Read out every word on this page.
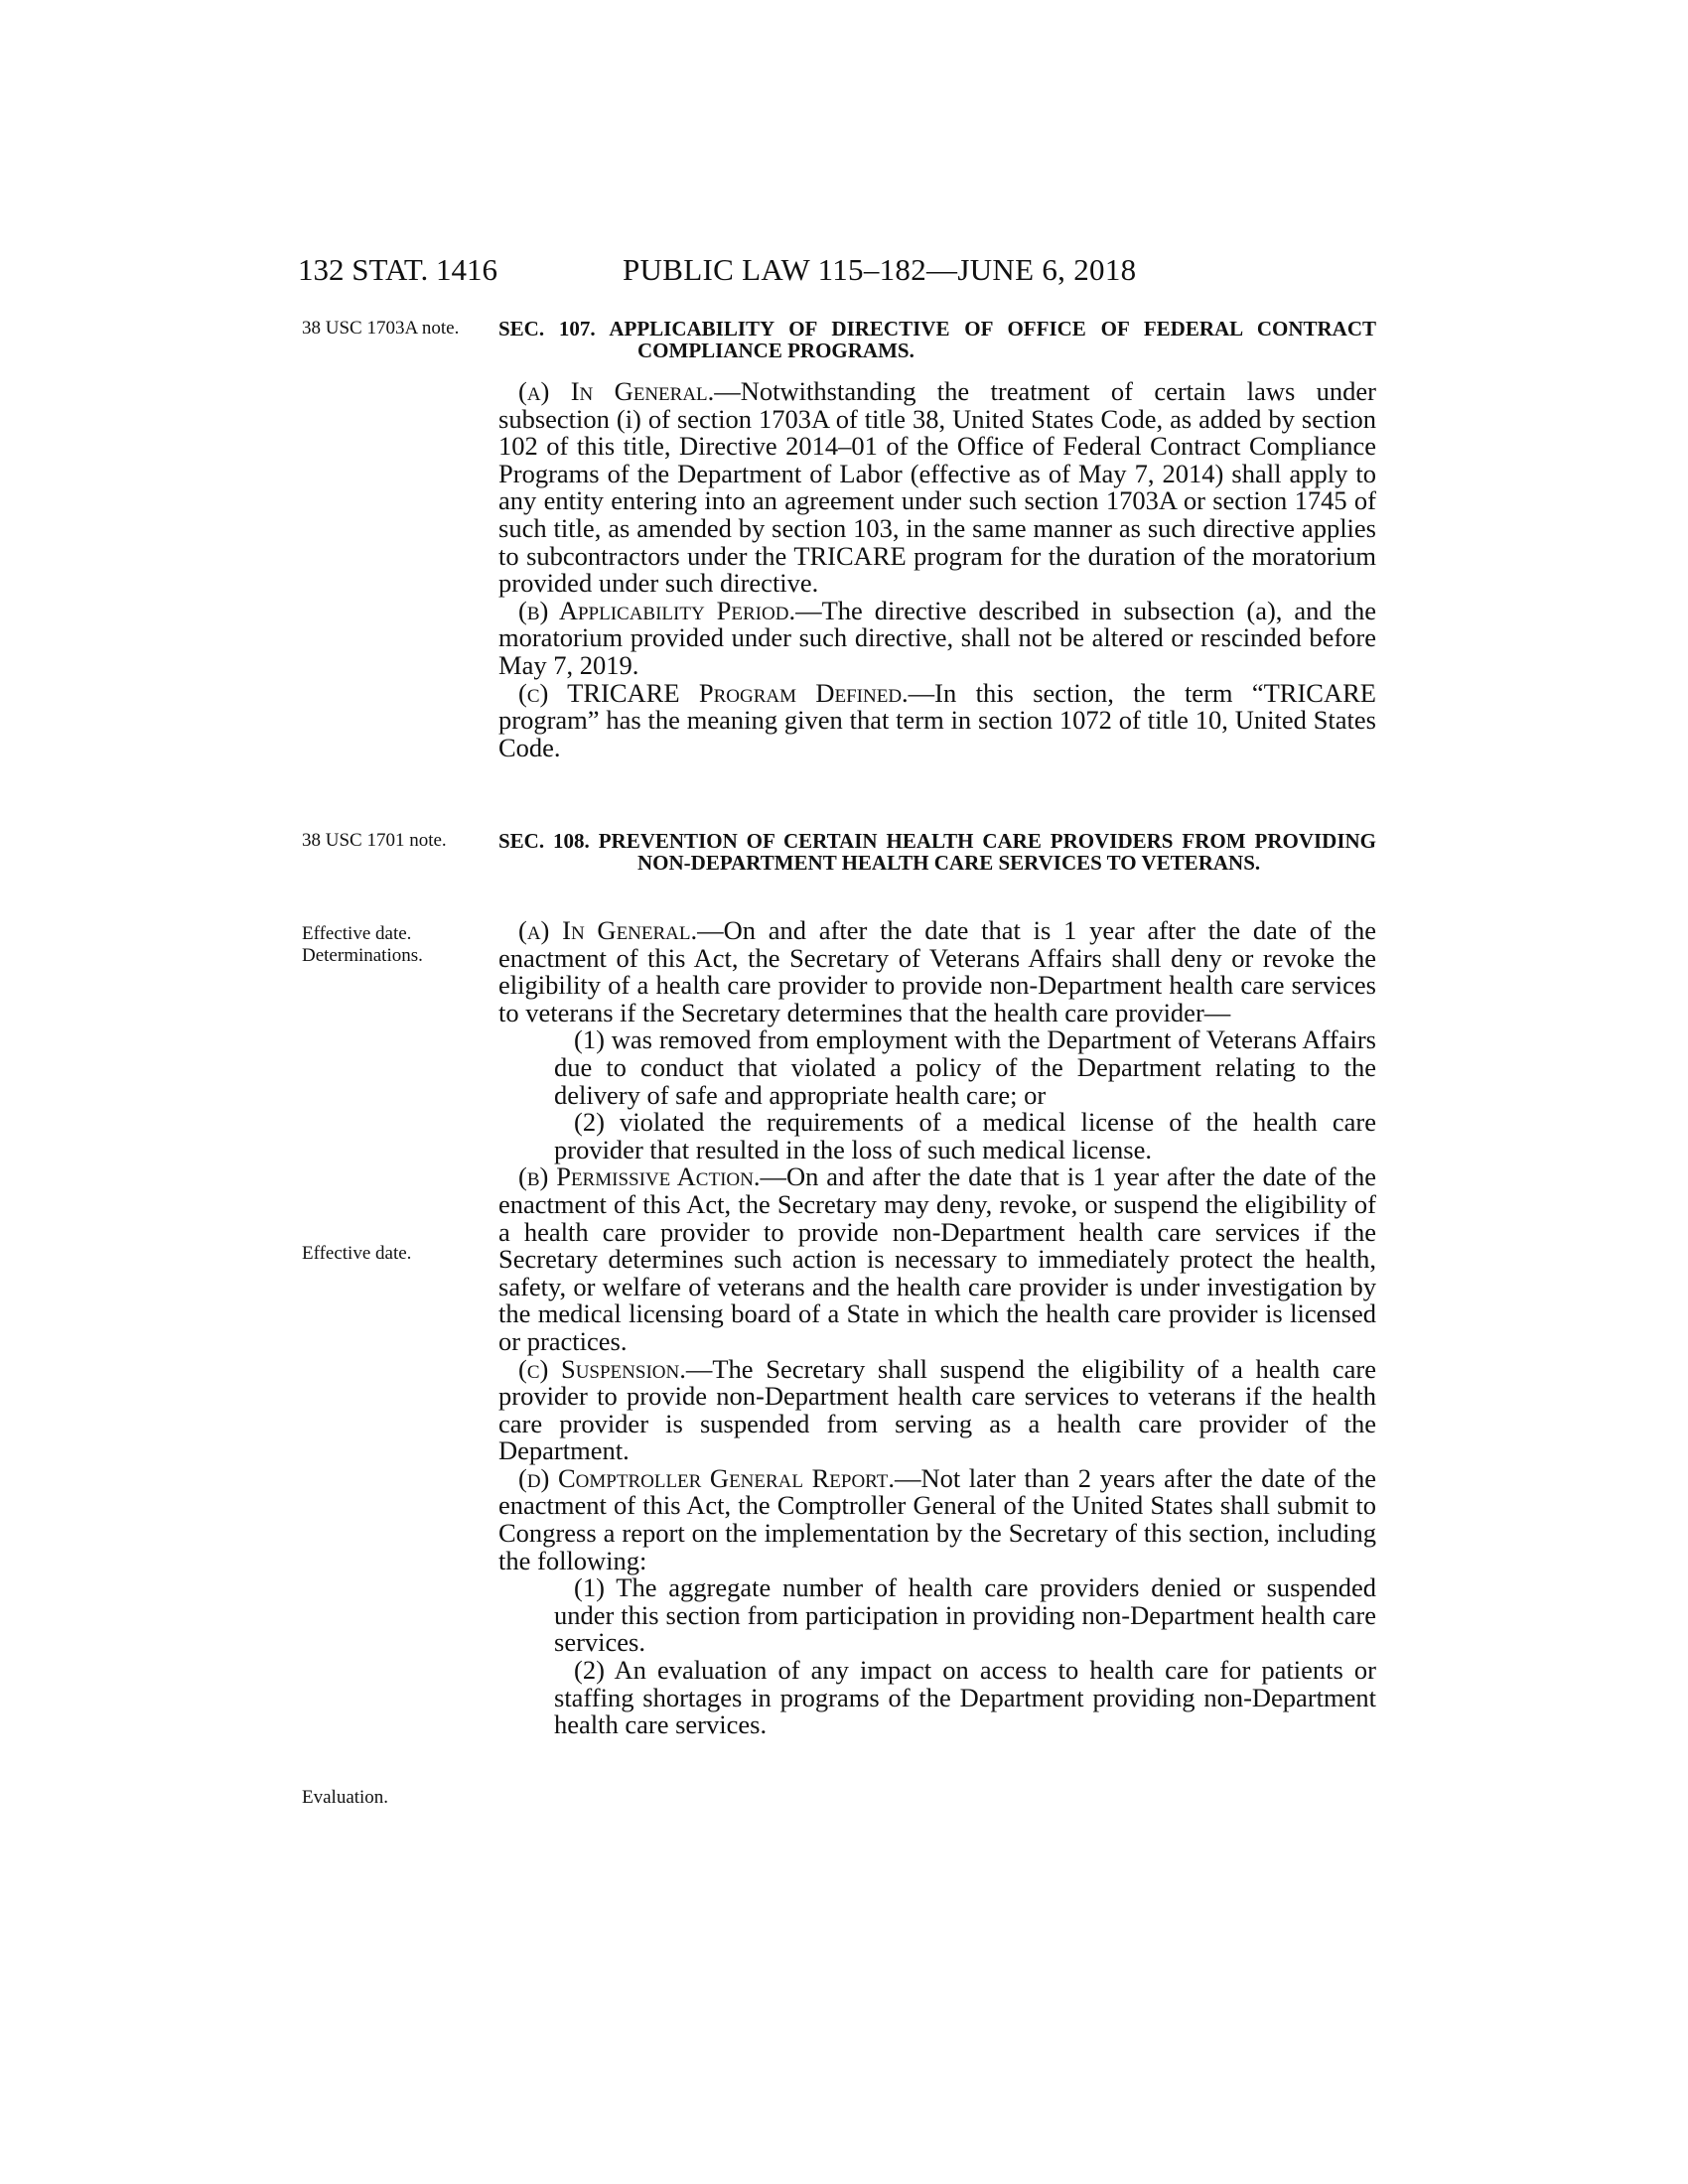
132 STAT. 1416	PUBLIC LAW 115–182—JUNE 6, 2018
38 USC 1703A note.
38 USC 1701 note.
Effective date.
Determinations.
Effective date.
Evaluation.
SEC. 107. APPLICABILITY OF DIRECTIVE OF OFFICE OF FEDERAL CONTRACT COMPLIANCE PROGRAMS.

(a) In General.—Notwithstanding the treatment of certain laws under subsection (i) of section 1703A of title 38, United States Code, as added by section 102 of this title, Directive 2014–01 of the Office of Federal Contract Compliance Programs of the Department of Labor (effective as of May 7, 2014) shall apply to any entity entering into an agreement under such section 1703A or section 1745 of such title, as amended by section 103, in the same manner as such directive applies to subcontractors under the TRICARE program for the duration of the moratorium provided under such directive.

(b) Applicability Period.—The directive described in subsection (a), and the moratorium provided under such directive, shall not be altered or rescinded before May 7, 2019.

(c) TRICARE Program Defined.—In this section, the term “TRICARE program” has the meaning given that term in section 1072 of title 10, United States Code.

SEC. 108. PREVENTION OF CERTAIN HEALTH CARE PROVIDERS FROM PROVIDING NON-DEPARTMENT HEALTH CARE SERVICES TO VETERANS.

(a) In General.—On and after the date that is 1 year after the date of the enactment of this Act, the Secretary of Veterans Affairs shall deny or revoke the eligibility of a health care provider to provide non-Department health care services to veterans if the Secretary determines that the health care provider—

(1) was removed from employment with the Department of Veterans Affairs due to conduct that violated a policy of the Department relating to the delivery of safe and appropriate health care; or

(2) violated the requirements of a medical license of the health care provider that resulted in the loss of such medical license.

(b) Permissive Action.—On and after the date that is 1 year after the date of the enactment of this Act, the Secretary may deny, revoke, or suspend the eligibility of a health care provider to provide non-Department health care services if the Secretary determines such action is necessary to immediately protect the health, safety, or welfare of veterans and the health care provider is under investigation by the medical licensing board of a State in which the health care provider is licensed or practices.

(c) Suspension.—The Secretary shall suspend the eligibility of a health care provider to provide non-Department health care services to veterans if the health care provider is suspended from serving as a health care provider of the Department.

(d) Comptroller General Report.—Not later than 2 years after the date of the enactment of this Act, the Comptroller General of the United States shall submit to Congress a report on the implementation by the Secretary of this section, including the following:

(1) The aggregate number of health care providers denied or suspended under this section from participation in providing non-Department health care services.

(2) An evaluation of any impact on access to health care for patients or staffing shortages in programs of the Department providing non-Department health care services.
